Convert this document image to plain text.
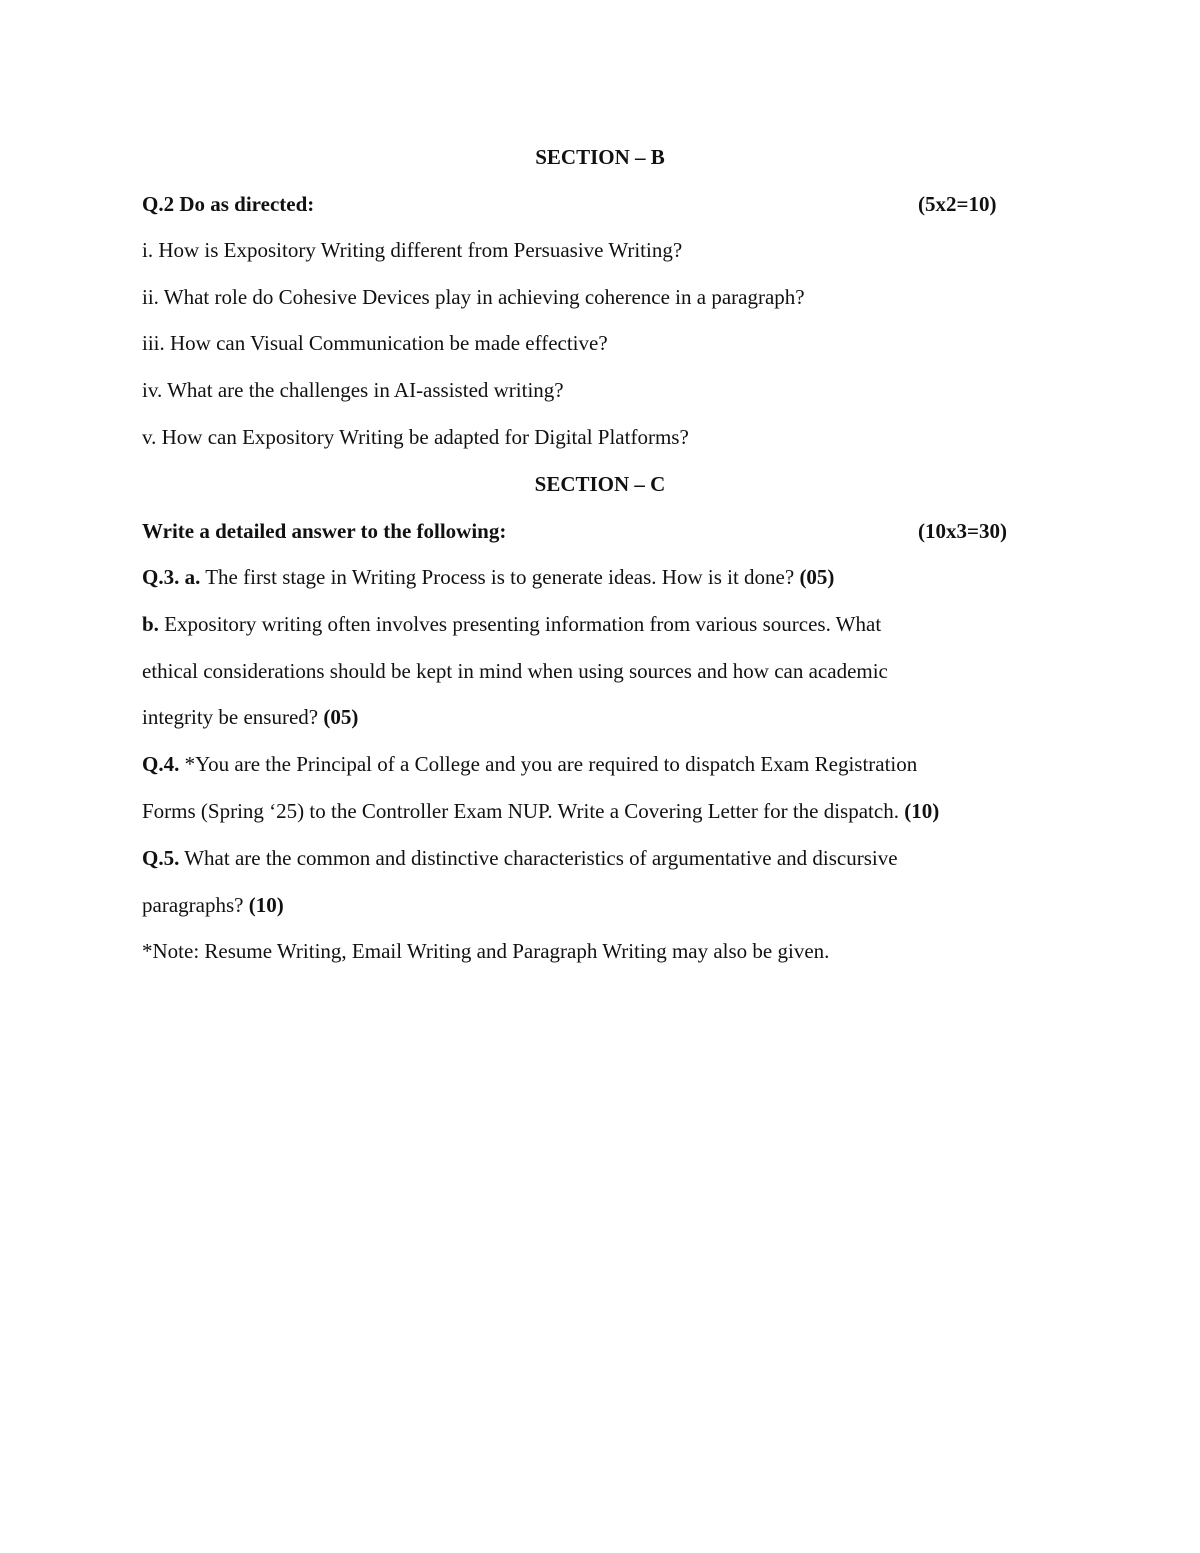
SECTION – B
Q.2 Do as directed:	(5x2=10)
i. How is Expository Writing different from Persuasive Writing?
ii. What role do Cohesive Devices play in achieving coherence in a paragraph?
iii. How can Visual Communication be made effective?
iv. What are the challenges in AI-assisted writing?
v. How can Expository Writing be adapted for Digital Platforms?
SECTION – C
Write a detailed answer to the following:	(10x3=30)
Q.3. a. The first stage in Writing Process is to generate ideas. How is it done? (05)
b. Expository writing often involves presenting information from various sources. What
ethical considerations should be kept in mind when using sources and how can academic
integrity be ensured? (05)
Q.4. *You are the Principal of a College and you are required to dispatch Exam Registration
Forms (Spring ‘25) to the Controller Exam NUP. Write a Covering Letter for the dispatch. (10)
Q.5. What are the common and distinctive characteristics of argumentative and discursive
paragraphs? (10)
*Note: Resume Writing, Email Writing and Paragraph Writing may also be given.
